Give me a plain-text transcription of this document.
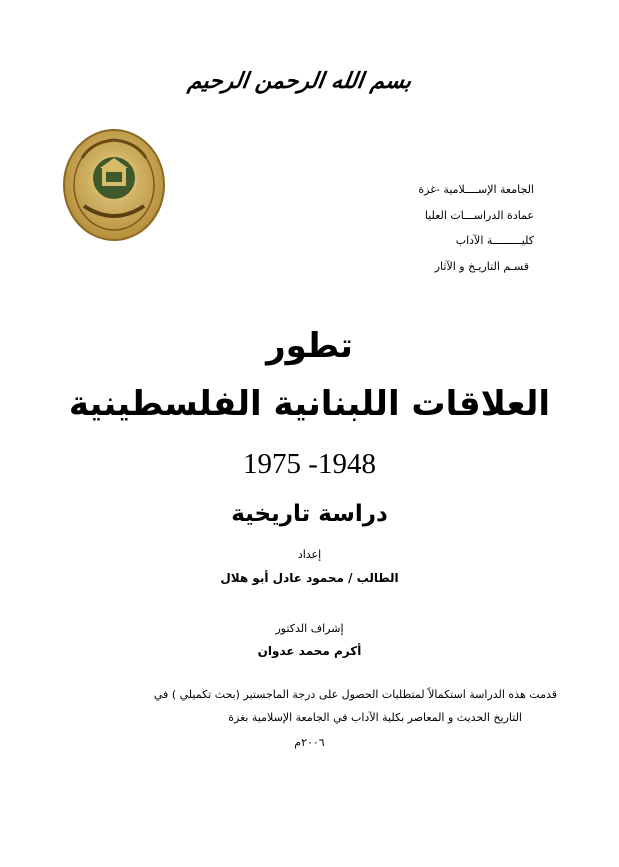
بسم الله الرحمن الرحيم
الجامعة الإســــلامية -غزة
عمادة الدراســـات العليا
كليـــــــــة الآداب
قسـم التاريـخ و الآثار
تطور
العلاقات اللبنانية الفلسطينية
1975 -1948
دراسة تاريخية
إعداد
الطالب / محمود عادل أبو هلال
إشراف الدكتور
أكرم محمد عدوان
قدمت هذه الدراسة استكمالاً لمتطلبات الحصول على درجة الماجستير (بحث تكميلي ) في
التاريخ الحديث و المعاصر بكلية الآداب في الجامعة الإسلامية بغزة
٢٠٠٦م
